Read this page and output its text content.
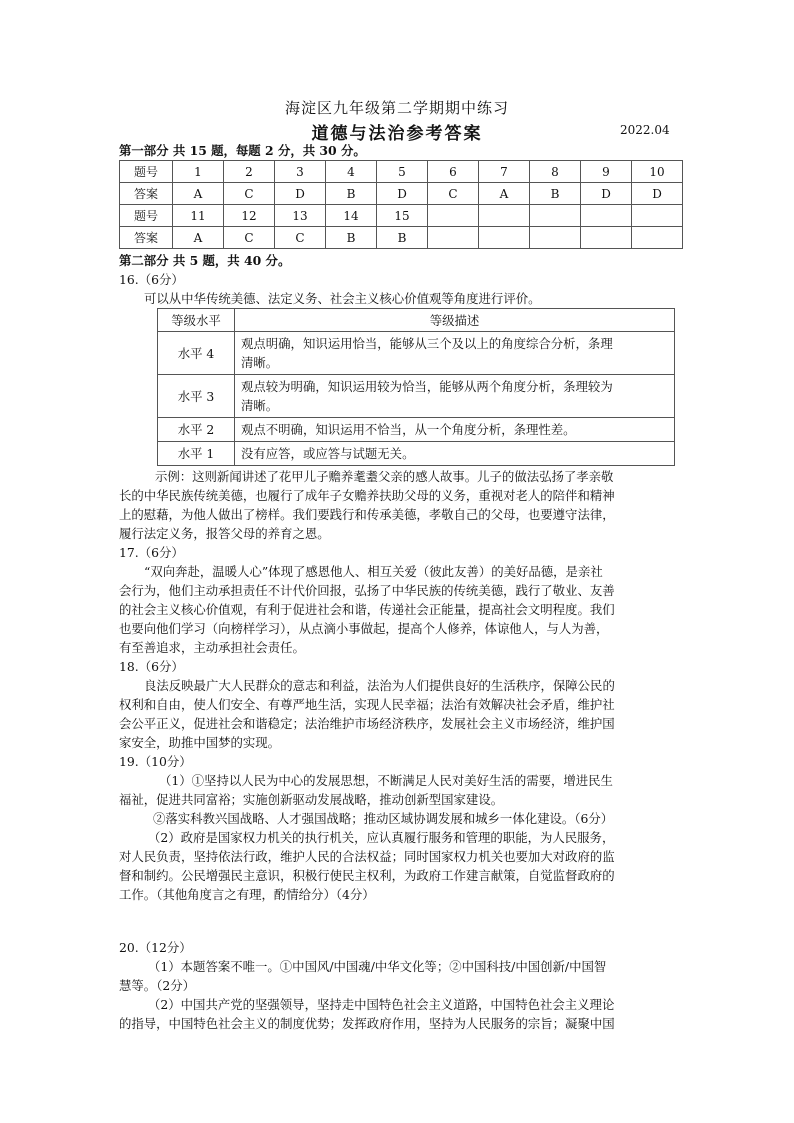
海淀区九年级第二学期期中练习
道德与法治参考答案	2022.04
第一部分 共 15 题，每题 2 分，共 30 分。
题号	1	2	3	4	5	6	7	8	9	10
答案	A	C	D	B	D	C	A	B	D	D
题号	11	12	13	14	15					
答案	A	C	C	B	B					
第二部分 共 5 题，共 40 分。
16.（6分）
可以从中华传统美德、法定义务、社会主义核心价值观等角度进行评价。
等级水平	等级描述
水平 4	观点明确，知识运用恰当，能够从三个及以上的角度综合分析，条理
清晰。

水平 3	观点较为明确，知识运用较为恰当，能够从两个角度分析，条理较为
清晰。

水平 2	观点不明确，知识运用不恰当，从一个角度分析，条理性差。
水平 1	没有应答，或应答与试题无关。
示例：这则新闻讲述了花甲儿子赡养耄耋父亲的感人故事。儿子的做法弘扬了孝亲敬
长的中华民族传统美德，也履行了成年子女赡养扶助父母的义务，重视对老人的陪伴和精神
上的慰藉，为他人做出了榜样。我们要践行和传承美德，孝敬自己的父母，也要遵守法律，
履行法定义务，报答父母的养育之恩。
17.（6分）
“双向奔赴，温暖人心”体现了感恩他人、相互关爱（彼此友善）的美好品德，是亲社
会行为，他们主动承担责任不计代价回报，弘扬了中华民族的传统美德，践行了敬业、友善
的社会主义核心价值观，有利于促进社会和谐，传递社会正能量，提高社会文明程度。我们
也要向他们学习（向榜样学习），从点滴小事做起，提高个人修养，体谅他人，与人为善，
有至善追求，主动承担社会责任。
18.（6分）
良法反映最广大人民群众的意志和利益，法治为人们提供良好的生活秩序，保障公民的
权利和自由，使人们安全、有尊严地生活，实现人民幸福；法治有效解决社会矛盾，维护社
会公平正义，促进社会和谐稳定；法治维护市场经济秩序，发展社会主义市场经济，维护国
家安全，助推中国梦的实现。
19.（10分）
（1）①坚持以人民为中心的发展思想，不断满足人民对美好生活的需要，增进民生
福祉，促进共同富裕；实施创新驱动发展战略，推动创新型国家建设。
②落实科教兴国战略、人才强国战略；推动区域协调发展和城乡一体化建设。（6分）
（2）政府是国家权力机关的执行机关，应认真履行服务和管理的职能，为人民服务，
对人民负责，坚持依法行政，维护人民的合法权益；同时国家权力机关也要加大对政府的监
督和制约。公民增强民主意识，积极行使民主权利，为政府工作建言献策，自觉监督政府的
工作。（其他角度言之有理，酌情给分）（4分）
20.（12分）
（1）本题答案不唯一。①中国风/中国魂/中华文化等；②中国科技/中国创新/中国智
慧等。（2分）
（2）中国共产党的坚强领导，坚持走中国特色社会主义道路，中国特色社会主义理论
的指导，中国特色社会主义的制度优势；发挥政府作用，坚持为人民服务的宗旨；凝聚中国
